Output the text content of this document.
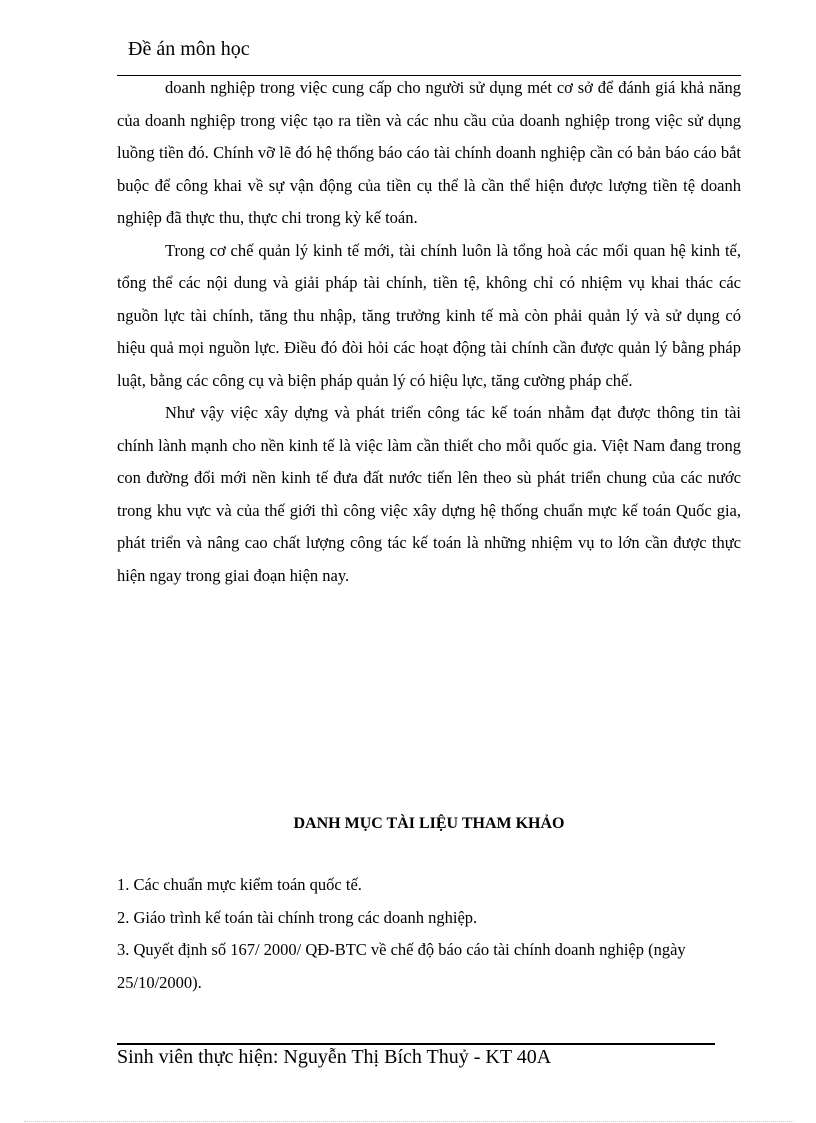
Đề án môn học

doanh nghiệp trong việc cung cấp cho người sử dụng mét cơ sở để đánh giá khả năng của doanh nghiệp trong việc tạo ra tiền và các nhu cầu của doanh nghiệp trong việc sử dụng luồng tiền đó. Chính vỡ lẽ đó hệ thống báo cáo tài chính doanh nghiệp cần có bản báo cáo bắt buộc để công khai về sự vận động của tiền cụ thể là cần thể hiện được lượng tiền tệ doanh nghiệp đã thực thu, thực chi trong kỳ kế toán.

Trong cơ chế quản lý kinh tế mới, tài chính luôn là tổng hoà các mối quan hệ kinh tế, tổng thể các nội dung và giải pháp tài chính, tiền tệ, không chỉ có nhiệm vụ khai thác các nguồn lực tài chính, tăng thu nhập, tăng trưởng kinh tế mà còn phải quản lý và sử dụng có hiệu quả mọi nguồn lực. Điều đó đòi hỏi các hoạt động tài chính cần được quản lý bằng pháp luật, bằng các công cụ và biện pháp quản lý có hiệu lực, tăng cường pháp chế.

Như vậy việc xây dựng và phát triển công tác kế toán nhằm đạt được thông tin tài chính lành mạnh cho nền kinh tế là việc làm cần thiết cho mỗi quốc gia. Việt Nam đang trong con đường đổi mới nền kinh tế đưa đất nước tiến lên theo sù phát triển chung của các nước trong khu vực và của thế giới thì công việc xây dựng hệ thống chuẩn mực kế toán Quốc gia, phát triển và nâng cao chất lượng công tác kế toán là những nhiệm vụ to lớn cần được thực hiện ngay trong giai đoạn hiện nay.

DANH MỤC TÀI LIỆU THAM KHẢO
1. Các chuẩn mực kiểm toán quốc tế.
2. Giáo trình kế toán tài chính trong các doanh nghiệp.
3. Quyết định số 167/ 2000/ QĐ-BTC về chế độ báo cáo tài chính doanh nghiệp (ngày 25/10/2000).
Sinh viên thực hiện: Nguyễn Thị Bích Thuỷ - KT 40A
